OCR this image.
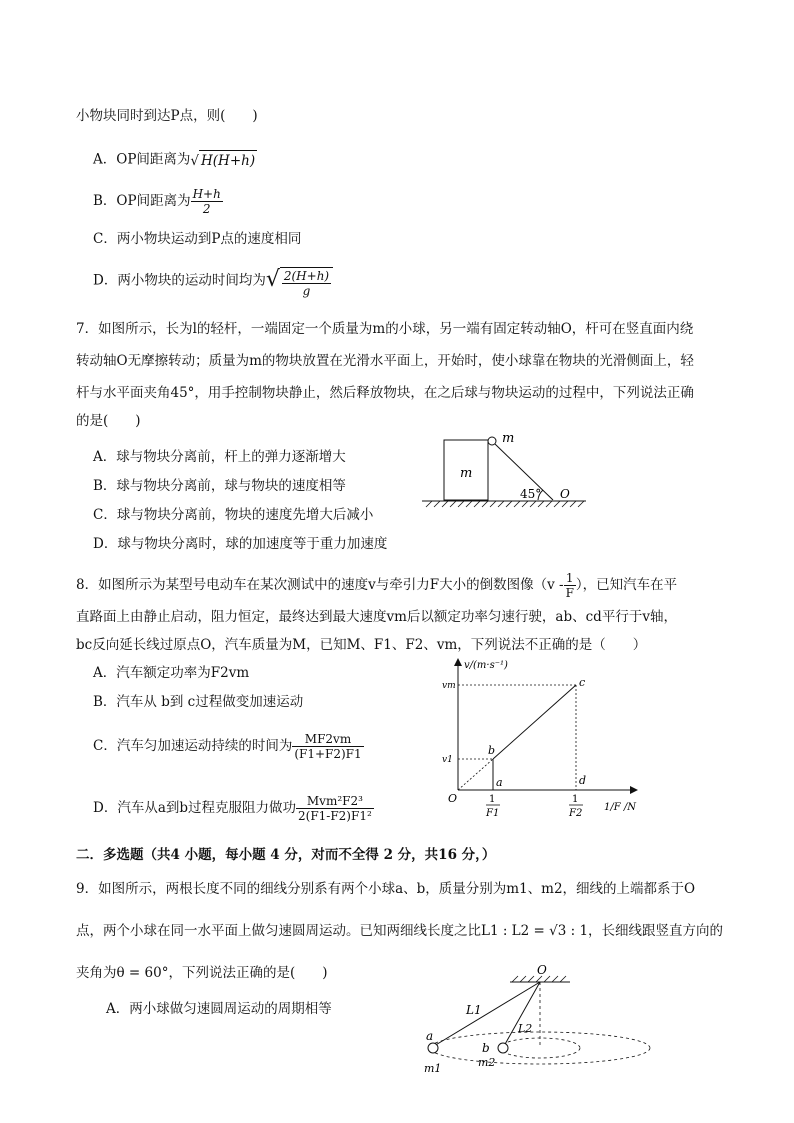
小物块同时到达P点，则(　　)
A．OP间距离为√ H(H+h)
B．OP间距离为 $\frac{H+h}{2}$
C．两小物块运动到P点的速度相同
D．两小物块的运动时间均为√ $\frac{2(H+h)}{g}$
7．如图所示，长为l的轻杆，一端固定一个质量为m的小球，另一端有固定转动轴O，杆可在竖直面内绕
转动轴O无摩擦转动；质量为m的物块放置在光滑水平面上，开始时，使小球靠在物块的光滑侧面上，轻
杆与水平面夹角45°，用手控制物块静止，然后释放物块，在之后球与物块运动的过程中，下列说法正确
的是(　　)
A．球与物块分离前，杆上的弹力逐渐增大
B．球与物块分离前，球与物块的速度相等
C．球与物块分离前，物块的速度先增大后减小
D．球与物块分离时，球的加速度等于重力加速度
m
m
45° O
8．如图所示为某型号电动车在某次测试中的速度v与牵引力F大小的倒数图像（$v - \frac{1}{F}$ ），已知汽车在平
直路面上由静止启动，阻力恒定，最终达到最大速度vm后以额定功率匀速行驶，ab、cd平行于v轴，
bc反向延长线过原点O，汽车质量为M，已知M、F1、F2、vm，下列说法不正确的是（　　）
A．汽车额定功率为F2vm
B．汽车从 b到 c过程做变加速运动
C．汽车匀加速运动持续的时间为 $\frac{MF2vm}{(F1+F2)F1}$
D．汽车从a到b过程克服阻力做功 $\frac{\text{Mvm²F2³}}{\text{2(F1-F2)F1²}}$
v/(m·s⁻¹)
1/F /N
O
vm
v1
b
a
c
d
1
F1
1
F2
二．多选题（共4 小题，每小题 4 分，对而不全得 2 分，共16 分，）
9．如图所示，两根长度不同的细线分别系有两个小球a、b，质量分别为m1、m2，细线的上端都系于O
点，两个小球在同一水平面上做匀速圆周运动。已知两细线长度之比L1 : L2 = √3 : 1，长细线跟竖直方向的
夹角为θ = 60°，下列说法正确的是(　　)
A．两小球做匀速圆周运动的周期相等
O
L1
L2
a
b
m1	m2
